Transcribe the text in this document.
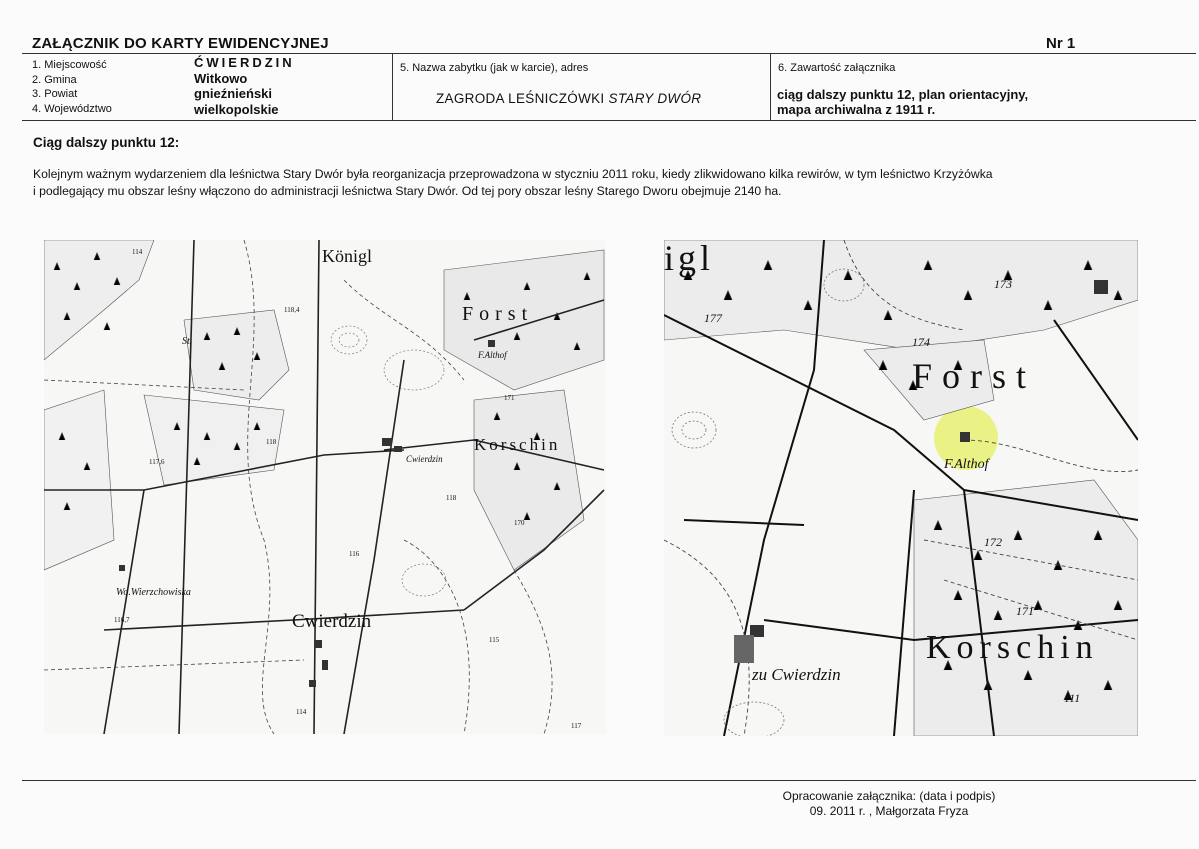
ZAŁĄCZNIK DO KARTY EWIDENCYJNEJ	Nr 1
1. Miejscowość
2. Gmina
3. Powiat
4. Województwo
ĆWIERDZIN
Witkowo
gnieźnieński
wielkopolskie
5. Nazwa zabytku (jak w karcie), adres
ZAGRODA LEŚNICZÓWKI STARY DWÓR
6. Zawartość załącznika
ciąg dalszy punktu 12, plan orientacyjny,
mapa archiwalna z 1911 r.
Ciąg dalszy punktu 12:
Kolejnym ważnym wydarzeniem dla leśnictwa Stary Dwór była reorganizacja przeprowadzona w styczniu 2011 roku, kiedy zlikwidowano kilka rewirów, w tym leśnictwo Krzyżówka
i podlegający mu obszar leśny włączono do administracji leśnictwa Stary Dwór. Od tej pory obszar leśny Starego Dworu obejmuje 2140 ha.
Königl
Forst
Korschin
Cwierdzin
Cwierdzin
Wo.Wierzchowiska
F.Althof
St.
114
118
118,4
117,6
116
115
116,7
114
117
171
170
118
igl
Forst
Korschin
F.Althof
zu Cwierdzin
174
173
172
171
177
111
Opracowanie załącznika: (data i podpis)
09. 2011 r. , Małgorzata Fryza
